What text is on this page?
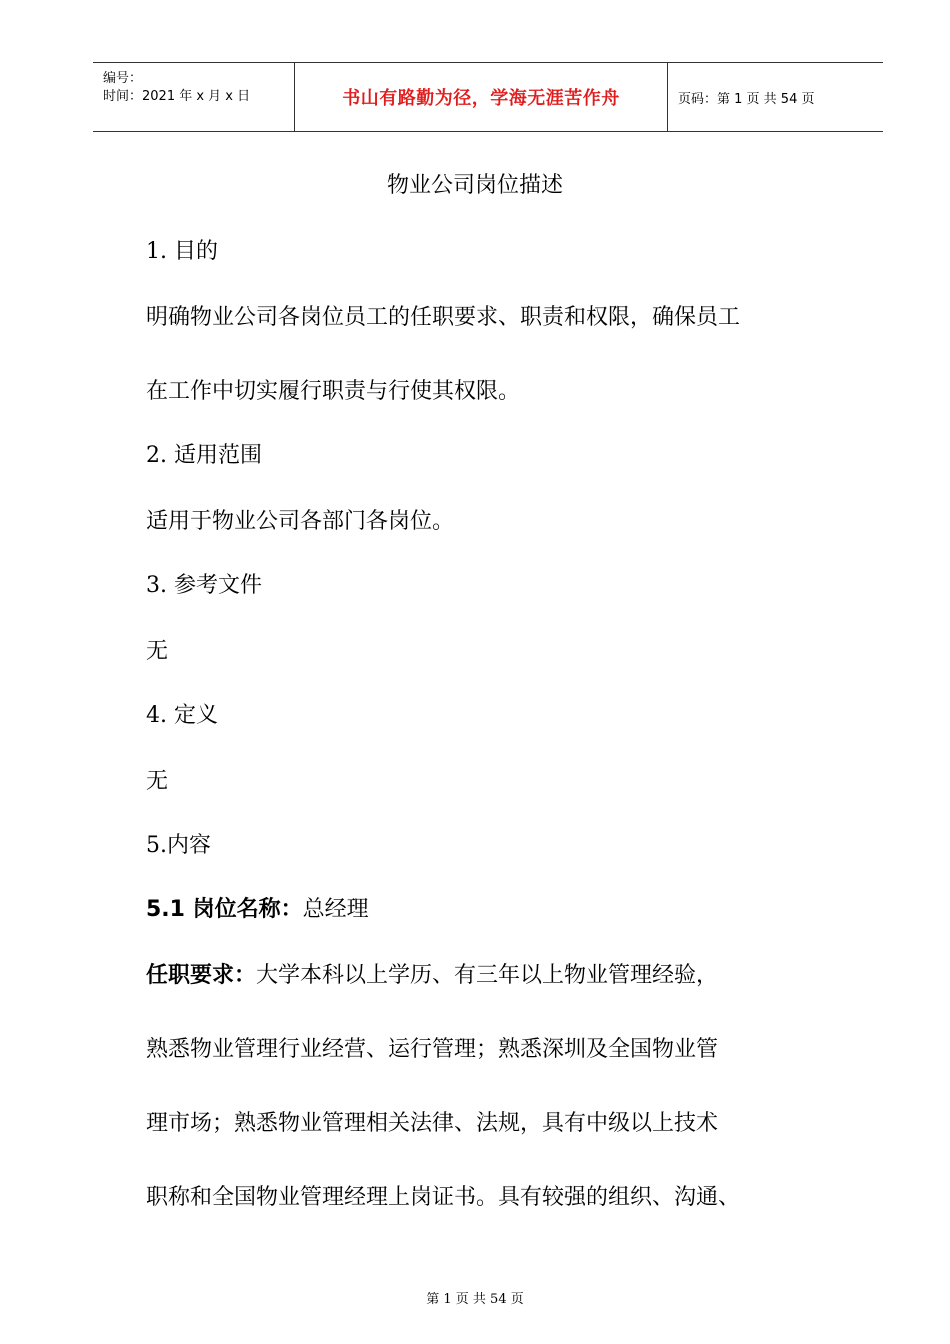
编号：
时间：2021 年 x 月 x 日	书山有路勤为径，学海无涯苦作舟	页码：第 1 页 共 54 页
物业公司岗位描述
1. 目的
明确物业公司各岗位员工的任职要求、职责和权限，确保员工
在工作中切实履行职责与行使其权限。
2. 适用范围
适用于物业公司各部门各岗位。
3. 参考文件
无
4. 定义
无
5.内容
5.1 岗位名称：总经理
任职要求：大学本科以上学历、有三年以上物业管理经验，
熟悉物业管理行业经营、运行管理；熟悉深圳及全国物业管
理市场；熟悉物业管理相关法律、法规，具有中级以上技术
职称和全国物业管理经理上岗证书。具有较强的组织、沟通、
第 1 页 共 54 页
